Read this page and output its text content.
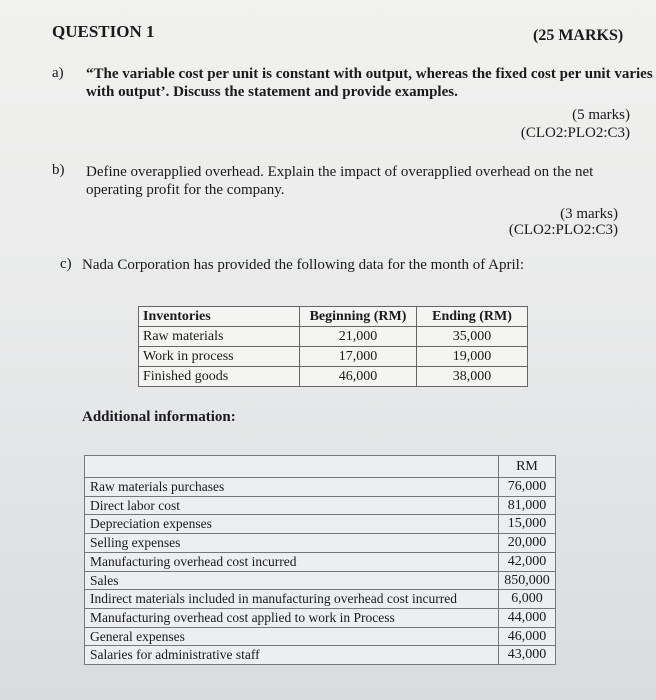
QUESTION 1	(25 MARKS)
a) “The variable cost per unit is constant with output, whereas the fixed cost per unit varies
with output’. Discuss the statement and provide examples.
(5 marks)
(CLO2:PLO2:C3)
b) Define overapplied overhead. Explain the impact of overapplied overhead on the net
operating profit for the company.
(3 marks)
(CLO2:PLO2:C3)
c) Nada Corporation has provided the following data for the month of April:
Inventories	Beginning (RM)	Ending (RM)
Raw materials	21,000	35,000
Work in process	17,000	19,000
Finished goods	46,000	38,000
Additional information:
	RM
Raw materials purchases	76,000
Direct labor cost	81,000
Depreciation expenses	15,000
Selling expenses	20,000
Manufacturing overhead cost incurred	42,000
Sales	850,000
Indirect materials included in manufacturing overhead cost incurred	6,000
Manufacturing overhead cost applied to work in Process	44,000
General expenses	46,000
Salaries for administrative staff	43,000
